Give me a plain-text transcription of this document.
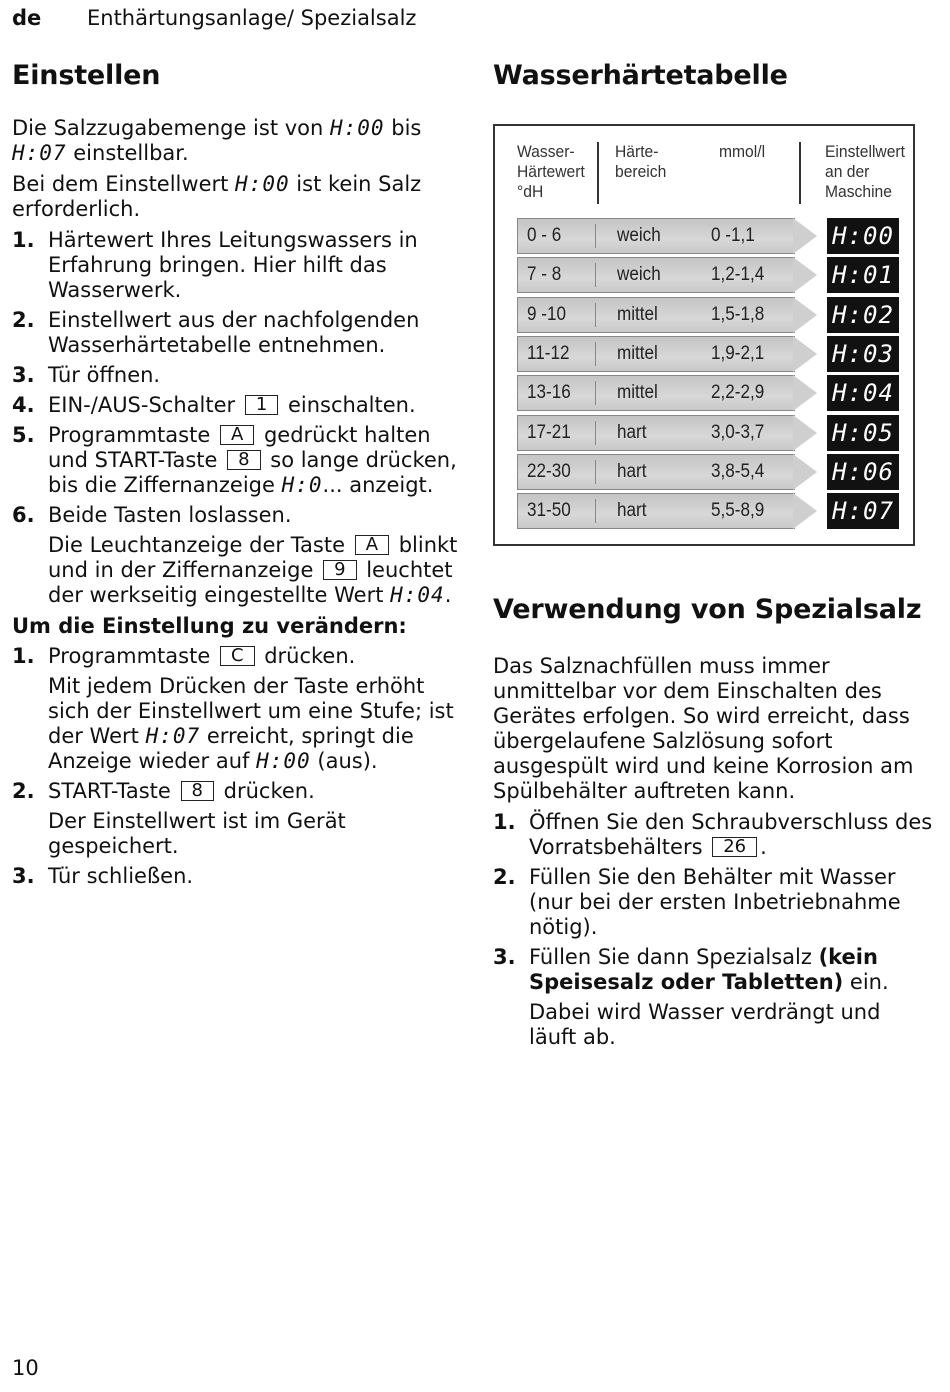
de Enthärtungsanlage/ Spezialsalz
Einstellen

Die Salzzugabemenge ist von H:00 bis H:07 einstellbar.

Bei dem Einstellwert H:00 ist kein Salz erforderlich.

1. Härtewert Ihres Leitungswassers in Erfahrung bringen. Hier hilft das Wasserwerk.
2. Einstellwert aus der nachfolgenden Wasserhärtetabelle entnehmen.
3. Tür öffnen.
4. EIN-/AUS-Schalter 1 einschalten.
5. Programmtaste A gedrückt halten und START-Taste 8 so lange drücken, bis die Ziffernanzeige H:0... anzeigt.
6. Beide Tasten loslassen.
Die Leuchtanzeige der Taste A blinkt und in der Ziffernanzeige 9 leuchtet der werkseitig eingestellte Wert H:04.
Um die Einstellung zu verändern:
1. Programmtaste C drücken.
Mit jedem Drücken der Taste erhöht sich der Einstellwert um eine Stufe; ist der Wert H:07 erreicht, springt die Anzeige wieder auf H:00 (aus).
2. START-Taste 8 drücken.
Der Einstellwert ist im Gerät gespeichert.
3. Tür schließen.
Wasserhärtetabelle
Wasser-
Härtewert
°dH
Härte-
bereich
mmol/l	Einstellwert
an der
Maschine
0 - 6	weich	0 -1,1	H:00
7 - 8	weich	1,2-1,4	H:01
9 -10	mittel	1,5-1,8	H:02
11-12	mittel	1,9-2,1	H:03
13-16 mittel	2,2-2,9	H:04
17-21 hart	3,0-3,7	H:05
22-30 hart	3,8-5,4	H:06
31-50 hart	5,5-8,9	H:07
Verwendung von Spezialsalz

Das Salznachfüllen muss immer unmittelbar vor dem Einschalten des Gerätes erfolgen. So wird erreicht, dass übergelaufene Salzlösung sofort ausgespült wird und keine Korrosion am Spülbehälter auftreten kann.

1. Öffnen Sie den Schraubverschluss des Vorratsbehälters 26 .
2. Füllen Sie den Behälter mit Wasser (nur bei der ersten Inbetriebnahme nötig).
3. Füllen Sie dann Spezialsalz (kein Speisesalz oder Tabletten) ein.
Dabei wird Wasser verdrängt und läuft ab.
10
